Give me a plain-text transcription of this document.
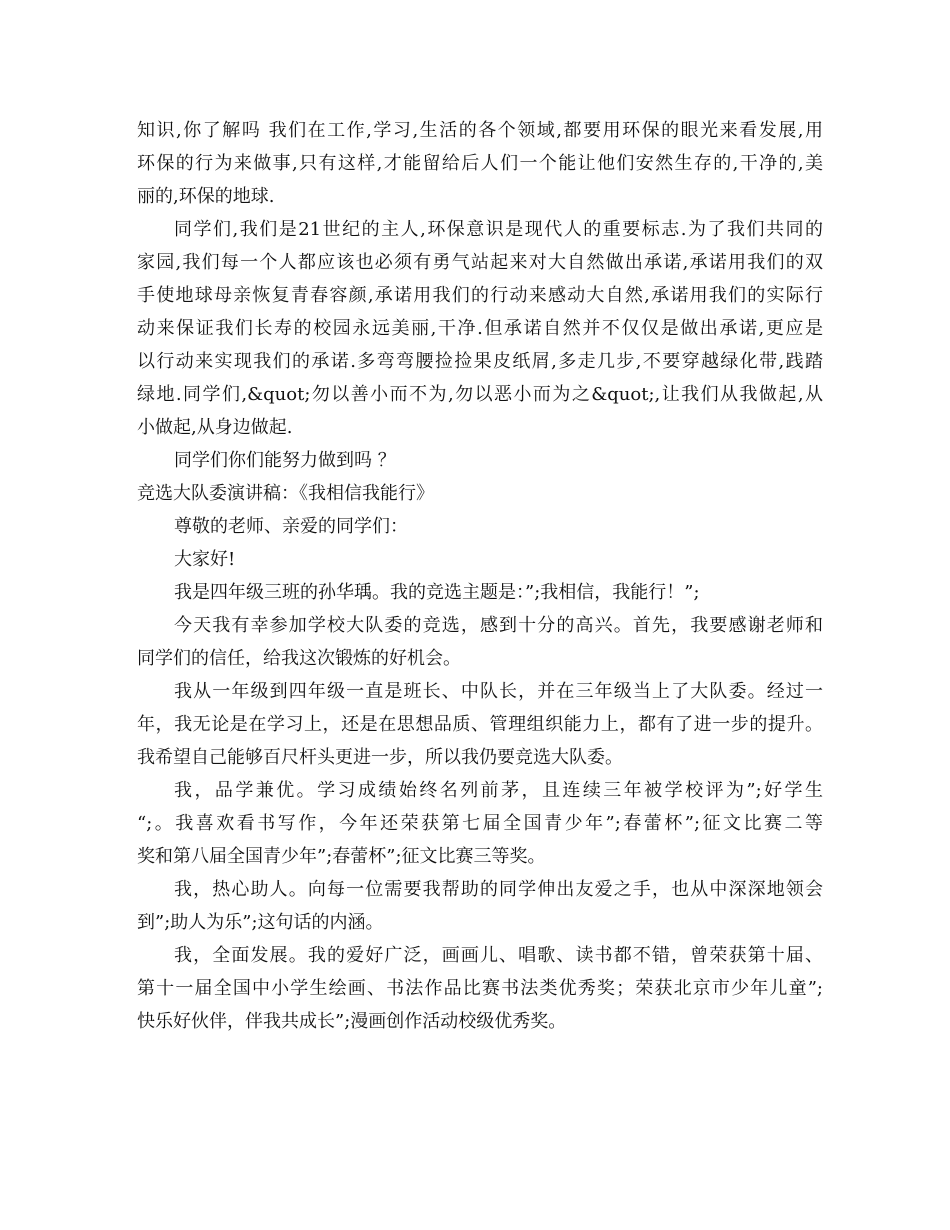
知识,你了解吗 我们在工作,学习,生活的各个领域,都要用环保的眼光来看发展,用
环保的行为来做事,只有这样,才能留给后人们一个能让他们安然生存的,干净的,美
丽的,环保的地球.
同学们,我们是21世纪的主人,环保意识是现代人的重要标志.为了我们共同的
家园,我们每一个人都应该也必须有勇气站起来对大自然做出承诺,承诺用我们的双
手使地球母亲恢复青春容颜,承诺用我们的行动来感动大自然,承诺用我们的实际行
动来保证我们长寿的校园永远美丽,干净.但承诺自然并不仅仅是做出承诺,更应是
以行动来实现我们的承诺.多弯弯腰捡捡果皮纸屑,多走几步,不要穿越绿化带,践踏
绿地.同学们,&quot;勿以善小而不为,勿以恶小而为之&quot;,让我们从我做起,从
小做起,从身边做起.
同学们你们能努力做到吗 ？
竞选大队委演讲稿：《我相信我能行》
尊敬的老师、亲爱的同学们：
大家好!
我是四年级三班的孙华瑀。我的竞选主题是：”;我相信，我能行！”;
今天我有幸参加学校大队委的竞选，感到十分的高兴。首先，我要感谢老师和
同学们的信任，给我这次锻炼的好机会。
我从一年级到四年级一直是班长、中队长，并在三年级当上了大队委。经过一
年，我无论是在学习上，还是在思想品质、管理组织能力上，都有了进一步的提升。
我希望自己能够百尺杆头更进一步，所以我仍要竞选大队委。
我，品学兼优。学习成绩始终名列前茅，且连续三年被学校评为”;好学生
“;。我喜欢看书写作，今年还荣获第七届全国青少年”;春蕾杯”;征文比赛二等
奖和第八届全国青少年”;春蕾杯”;征文比赛三等奖。
我，热心助人。向每一位需要我帮助的同学伸出友爱之手，也从中深深地领会
到”;助人为乐”;这句话的内涵。
我，全面发展。我的爱好广泛，画画儿、唱歌、读书都不错，曾荣获第十届、
第十一届全国中小学生绘画、书法作品比赛书法类优秀奖；荣获北京市少年儿童”;
快乐好伙伴，伴我共成长”;漫画创作活动校级优秀奖。
